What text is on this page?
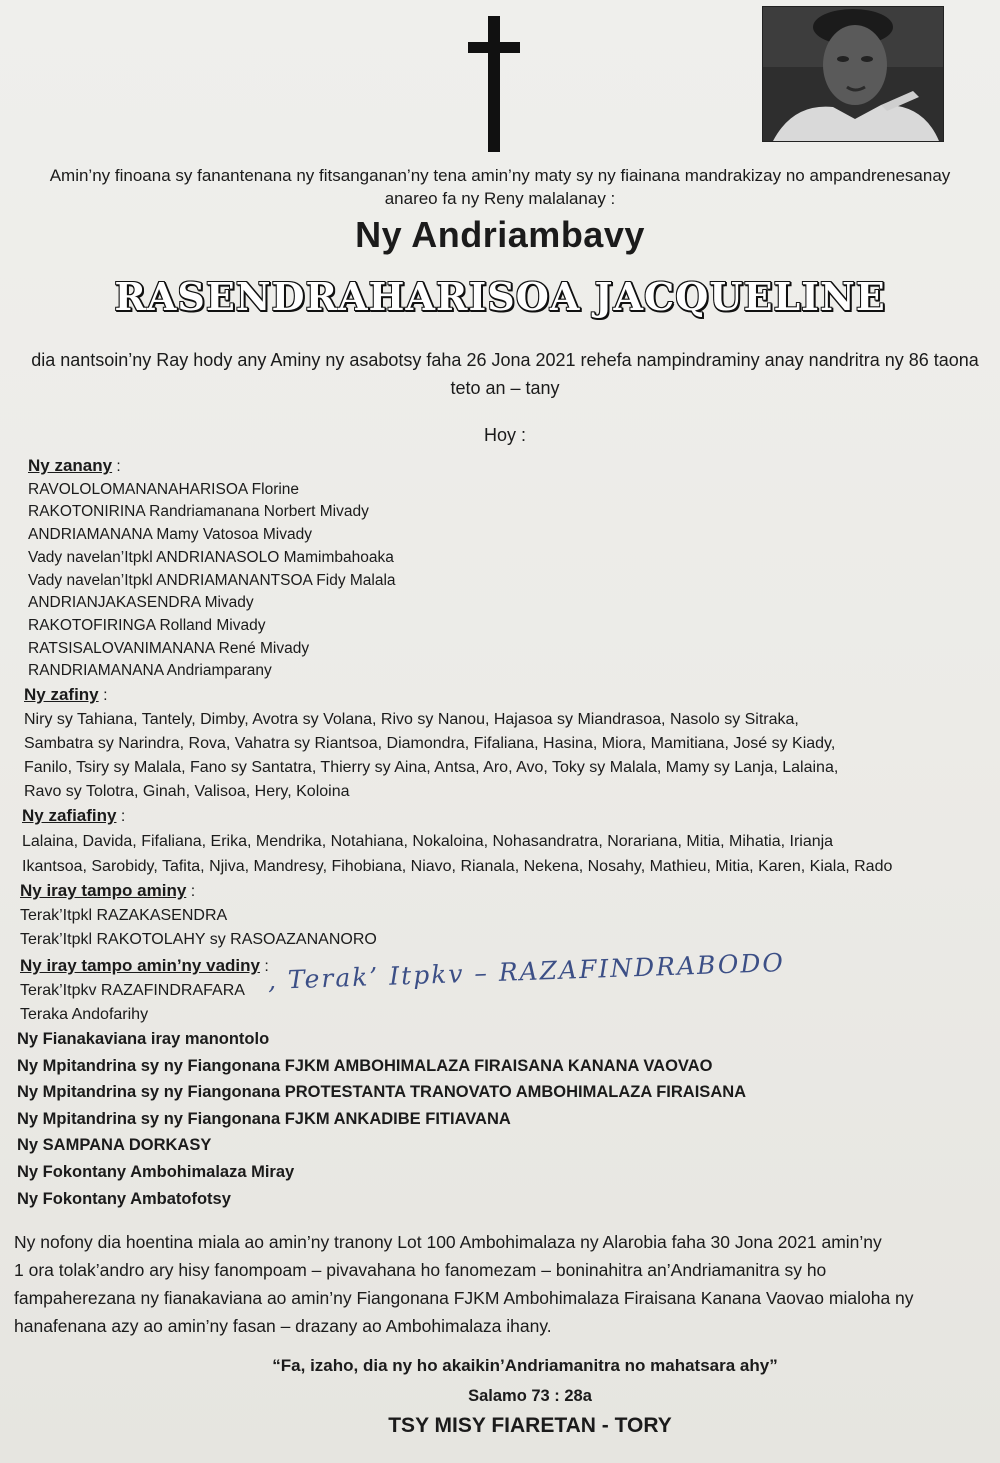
Amin’ny finoana sy fanantenana ny fitsanganan’ny tena amin’ny maty sy ny fiainana mandrakizay no ampandrenesanay anareo fa ny Reny malalanay :
Ny Andriambavy
RASENDRAHARISOA JACQUELINE
dia nantsoin’ny Ray hody any Aminy ny asabotsy faha 26 Jona 2021 rehefa nampindraminy anay nandritra ny 86 taona teto an – tany
Hoy :
Ny zanany :
RAVOLOLOMANANAHARISOA Florine
RAKOTONIRINA Randriamanana Norbert Mivady
ANDRIAMANANA Mamy Vatosoa Mivady
Vady navelan’Itpkl ANDRIANASOLO Mamimbahoaka
Vady navelan’Itpkl ANDRIAMANANTSOA Fidy Malala
ANDRIANJAKASENDRA Mivady
RAKOTOFIRINGA Rolland Mivady
RATSISALOVANIMANANA René Mivady
RANDRIAMANANA Andriamparany
Ny zafiny :
Niry sy Tahiana, Tantely, Dimby, Avotra sy Volana, Rivo sy Nanou, Hajasoa sy Miandrasoa, Nasolo sy Sitraka,
Sambatra sy Narindra, Rova, Vahatra sy Riantsoa, Diamondra, Fifaliana, Hasina, Miora, Mamitiana, José sy Kiady,
Fanilo, Tsiry sy Malala, Fano sy Santatra, Thierry sy Aina, Antsa, Aro, Avo, Toky sy Malala, Mamy sy Lanja, Lalaina,
Ravo sy Tolotra, Ginah, Valisoa, Hery, Koloina
Ny zafiafiny :
Lalaina, Davida, Fifaliana, Erika, Mendrika, Notahiana, Nokaloina, Nohasandratra, Norariana, Mitia, Mihatia, Irianja
Ikantsoa, Sarobidy, Tafita, Njiva, Mandresy, Fihobiana, Niavo, Rianala, Nekena, Nosahy, Mathieu, Mitia, Karen, Kiala, Rado
Ny iray tampo aminy :
Terak’Itpkl RAZAKASENDRA
Terak’Itpkl RAKOTOLAHY sy RASOAZANANORO
Ny iray tampo amin’ny vadiny :
Terak’Itpkv RAZAFINDRAFARA
Teraka Andofarihy
, Terak’ Itpkv – RAZAFINDRABODO
Ny Fianakaviana iray manontolo
Ny Mpitandrina sy ny Fiangonana FJKM AMBOHIMALAZA FIRAISANA KANANA VAOVAO
Ny Mpitandrina sy ny Fiangonana PROTESTANTA TRANOVATO AMBOHIMALAZA FIRAISANA
Ny Mpitandrina sy ny Fiangonana FJKM ANKADIBE FITIAVANA
Ny SAMPANA DORKASY
Ny Fokontany Ambohimalaza Miray
Ny Fokontany Ambatofotsy
Ny nofony dia hoentina miala ao amin’ny tranony Lot 100 Ambohimalaza ny Alarobia faha 30 Jona 2021 amin’ny
1 ora tolak’andro ary hisy fanompoam – pivavahana ho fanomezam – boninahitra an’Andriamanitra sy ho
fampaherezana ny fianakaviana ao amin’ny Fiangonana FJKM Ambohimalaza Firaisana Kanana Vaovao mialoha ny
hanafenana azy ao amin’ny fasan – drazany ao Ambohimalaza ihany.
“Fa, izaho, dia ny ho akaikin’Andriamanitra no mahatsara ahy”
Salamo 73 : 28a
TSY MISY FIARETAN - TORY
